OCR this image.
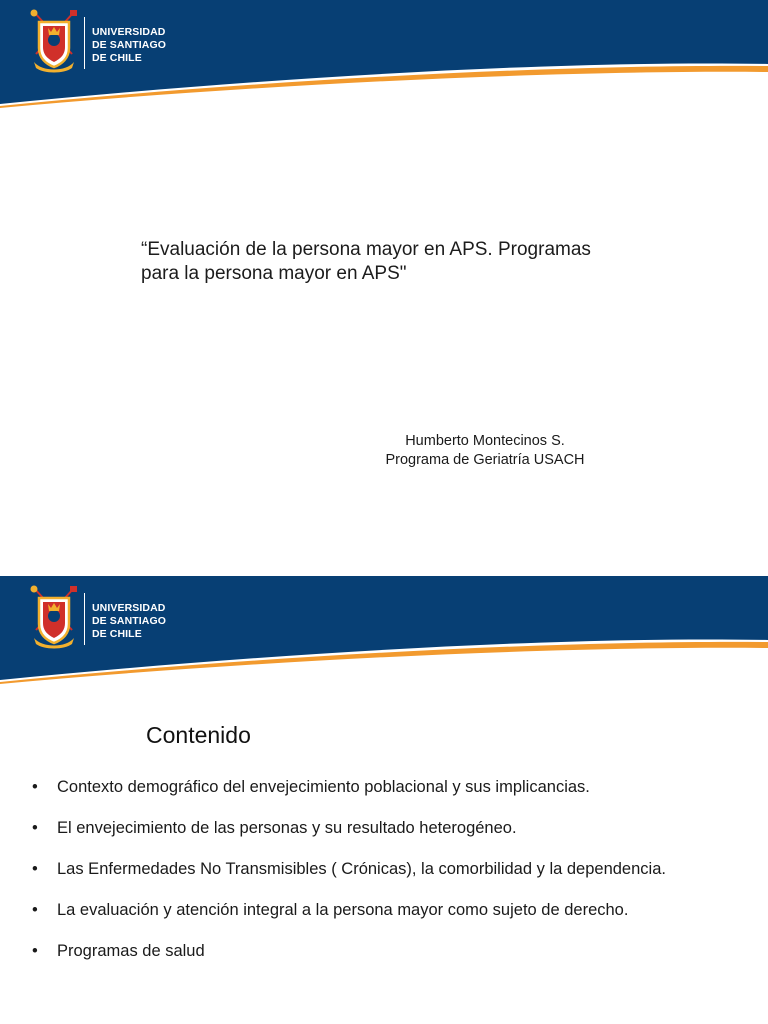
UNIVERSIDAD
DE SANTIAGO
DE CHILE
“Evaluación de la persona mayor en APS. Programas
para la persona mayor en APS"
Humberto Montecinos S.
Programa de Geriatría USACH
UNIVERSIDAD
DE SANTIAGO
DE CHILE
Contenido
• Contexto demográfico del envejecimiento poblacional y sus implicancias.
• El envejecimiento de las personas y su resultado heterogéneo.
• Las Enfermedades No Transmisibles ( Crónicas), la comorbilidad y la dependencia.
• La evaluación y atención integral a la persona mayor como sujeto de derecho.
• Programas de salud
